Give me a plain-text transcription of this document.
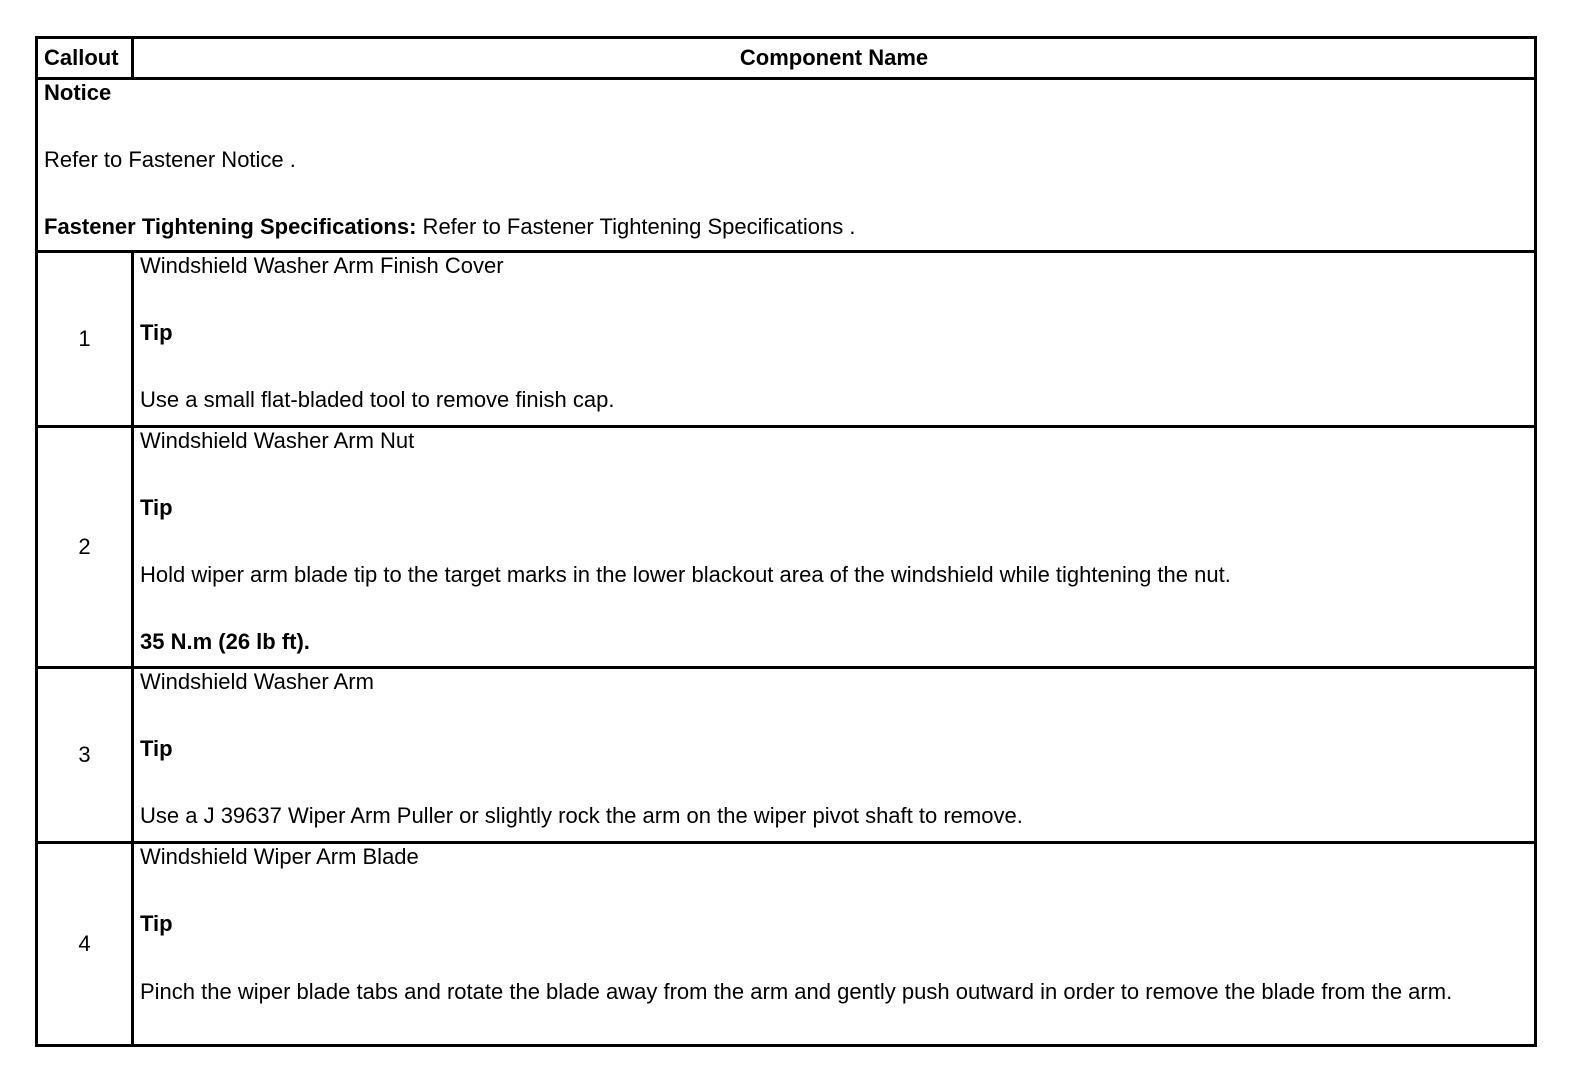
Callout	Component Name

Notice
Refer to Fastener Notice .
Fastener Tightening Specifications: Refer to Fastener Tightening Specifications .	

1	Windshield Washer Arm Finish Cover
Tip
Use a small flat-bladed tool to remove finish cap.

2	Windshield Washer Arm Nut
Tip
Hold wiper arm blade tip to the target marks in the lower blackout area of the windshield while tightening the nut.
35 N.m (26 lb ft).

3	Windshield Washer Arm
Tip
Use a J 39637 Wiper Arm Puller or slightly rock the arm on the wiper pivot shaft to remove.

4	Windshield Wiper Arm Blade
Tip
Pinch the wiper blade tabs and rotate the blade away from the arm and gently push outward in order to remove the blade from the arm.
